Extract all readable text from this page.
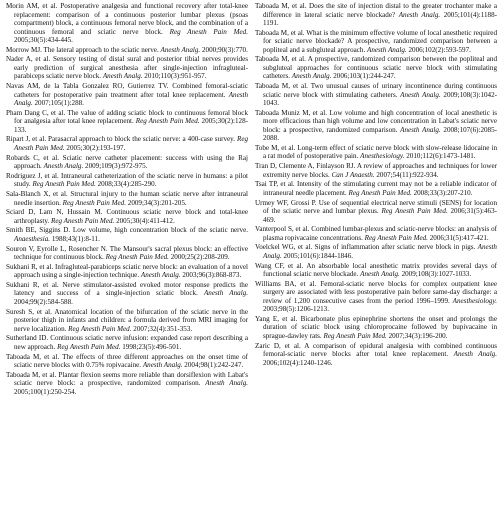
Morin AM, et al. Postoperative analgesia and functional recovery after total-knee replacement: comparison of a continuous posterior lumbar plexus (psoas compartment) block, a continuous femoral nerve block, and the combination of a continuous femoral and sciatic nerve block. Reg Anesth Pain Med. 2005;30(5):434-445.

Morrow MJ. The lateral approach to the sciatic nerve. Anesth Analg. 2000;90(3):770.

Nader A, et al. Sensory testing of distal sural and posterior tibial nerves provides early prediction of surgical anesthesia after single-injection infragluteal-parabiceps sciatic nerve block. Anesth Analg. 2010;110(3):951-957.

Navas AM, de la Tabla Gonzalez RO, Gutierrez TV. Combined femoral-sciatic catheters for postoperative pain treatment after total knee replacement. Anesth Analg. 2007;105(1):288.

Pham Dang C, et al. The value of adding sciatic block to continuous femoral block for analgesia after total knee replacement. Reg Anesth Pain Med. 2005;30(2):128-133.

Ripart J, et al. Parasacral approach to block the sciatic nerve: a 400-case survey. Reg Anesth Pain Med. 2005;30(2):193-197.

Robards C, et al. Sciatic nerve catheter placement: success with using the Raj approach. Anesth Analg. 2009;109(3):972-975.

Rodriguez J, et al. Intraneural catheterization of the sciatic nerve in humans: a pilot study. Reg Anesth Pain Med. 2008;33(4):285-290.

Sala-Blanch X, et al. Structural injury to the human sciatic nerve after intraneural needle insertion. Reg Anesth Pain Med. 2009;34(3):201-205.

Sciard D, Lam N, Hussain M. Continuous sciatic nerve block and total-knee arthroplasty. Reg Anesth Pain Med. 2005;30(4):411-412.

Smith BE, Siggins D. Low volume, high concentration block of the sciatic nerve. Anaesthesia. 1988;43(1):8-11.

Souron V, Eyrolle L, Rosencher N. The Mansour's sacral plexus block: an effective technique for continuous block. Reg Anesth Pain Med. 2000;25(2):208-209.

Sukhani R, et al. Infragluteal-parabiceps sciatic nerve block: an evaluation of a novel approach using a single-injection technique. Anesth Analg. 2003;96(3):868-873.

Sukhani R, et al. Nerve stimulator-assisted evoked motor response predicts the latency and success of a single-injection sciatic block. Anesth Analg. 2004;99(2):584-588.

Suresh S, et al. Anatomical location of the bifurcation of the sciatic nerve in the posterior thigh in infants and children: a formula derived from MRI imaging for nerve localization. Reg Anesth Pain Med. 2007;32(4):351-353.

Sutherland ID. Continuous sciatic nerve infusion: expanded case report describing a new approach. Reg Anesth Pain Med. 1998;23(5):496-501.

Taboada M, et al. The effects of three different approaches on the onset time of sciatic nerve blocks with 0.75% ropivacaine. Anesth Analg. 2004;98(1):242-247.

Taboada M, et al. Plantar flexion seems more reliable than dorsiflexion with Labat's sciatic nerve block: a prospective, randomized comparison. Anesth Analg. 2005;100(1):250-254.

Taboada M, et al. Does the site of injection distal to the greater trochanter make a difference in lateral sciatic nerve blockade? Anesth Analg. 2005;101(4):1188-1191.

Taboada M, et al. What is the minimum effective volume of local anesthetic required for sciatic nerve blockade? A prospective, randomized comparison between a popliteal and a subgluteal approach. Anesth Analg. 2006;102(2):593-597.

Taboada M, et al. A prospective, randomized comparison between the popliteal and subgluteal approaches for continuous sciatic nerve block with stimulating catheters. Anesth Analg. 2006;103(1):244-247.

Taboada M, et al. Two unusual causes of urinary incontinence during continuous sciatic nerve block with stimulating catheters. Anesth Analg. 2009;108(3):1042-1043.

Taboada Muniz M, et al. Low volume and high concentration of local anesthetic is more efficacious than high volume and low concentration in Labat's sciatic nerve block: a prospective, randomized comparison. Anesth Analg. 2008;107(6):2085-2088.

Tobe M, et al. Long-term effect of sciatic nerve block with slow-release lidocaine in a rat model of postoperative pain. Anesthesiology. 2010;112(6):1473-1481.

Tran D, Clemente A, Finlayson RJ. A review of approaches and techniques for lower extremity nerve blocks. Can J Anaesth. 2007;54(11):922-934.

Tsai TP, et al. Intensity of the stimulating current may not be a reliable indicator of intraneural needle placement. Reg Anesth Pain Med. 2008;33(3):207-210.

Urmey WF, Grossi P. Use of sequential electrical nerve stimuli (SENS) for location of the sciatic nerve and lumbar plexus. Reg Anesth Pain Med. 2006;31(5):463-469.

Vanterpool S, et al. Combined lumbar-plexus and sciatic-nerve blocks: an analysis of plasma ropivacaine concentrations. Reg Anesth Pain Med. 2006;31(5):417-421.

Voelckel WG, et al. Signs of inflammation after sciatic nerve block in pigs. Anesth Analg. 2005;101(6):1844-1846.

Wang CF, et al. An absorbable local anesthetic matrix provides several days of functional sciatic nerve blockade. Anesth Analg. 2009;108(3):1027-1033.

Williams BA, et al. Femoral-sciatic nerve blocks for complex outpatient knee surgery are associated with less postoperative pain before same-day discharge: a review of 1,200 consecutive cases from the period 1996–1999. Anesthesiology. 2003;98(5):1206-1213.

Yang E, et al. Bicarbonate plus epinephrine shortens the onset and prolongs the duration of sciatic block using chloroprocaine followed by bupivacaine in sprague-dawley rats. Reg Anesth Pain Med. 2007;34(3):196-200.

Zaric D, et al. A comparison of epidural analgesia with combined continuous femoral-sciatic nerve blocks after total knee replacement. Anesth Analg. 2006;102(4):1240-1246.
